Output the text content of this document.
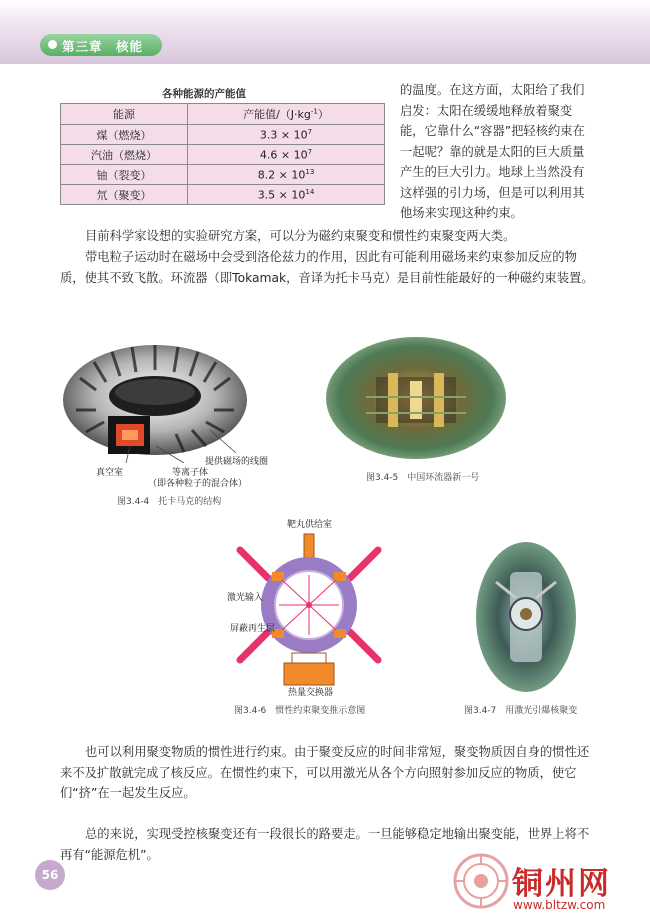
第三章　核能
各种能源的产能值
能源	产能值$/(J\cdot kg^{-1})$
煤（燃烧）	$3.3 \times 10^7$
汽油（燃烧）	$4.6 \times 10^7$
铀（裂变）	$8.2 \times 10^{13}$
氘（聚变）	$3.5 \times 10^{14}$

的温度。在这方面，太阳给了我们启发：太阳在缓缓地释放着聚变能，它靠什么“容器”把轻核约束在一起呢？靠的就是太阳的巨大质量产生的巨大引力。地球上当然没有这样强的引力场，但是可以利用其他场来实现这种约束。

目前科学家设想的实验研究方案，可以分为磁约束聚变和惯性约束聚变两大类。

带电粒子运动时在磁场中会受到洛伦兹力的作用，因此有可能利用磁场来约束参加反应的物质，使其不致飞散。环流器（即Tokamak，音译为托卡马克）是目前性能最好的一种磁约束装置。

提供磁场的线圈
真空室	等离子体
（即各种粒子的混合体）
图3.4-4　托卡马克的结构
图3.4-5　中国环流器新一号
靶丸供给室
激光输入
屏蔽再生层
热量交换器
图3.4-6　惯性约束聚变推示意图	图3.4-7　用激光引爆核聚变

也可以利用聚变物质的惯性进行约束。由于聚变反应的时间非常短，聚变物质因自身的惯性还来不及扩散就完成了核反应。在惯性约束下，可以用激光从各个方向照射参加反应的物质，使它们“挤”在一起发生反应。

总的来说，实现受控核聚变还有一段很长的路要走。一旦能够稳定地输出聚变能，世界上将不再有“能源危机”。

56	铜州网
www.bltzw.com
